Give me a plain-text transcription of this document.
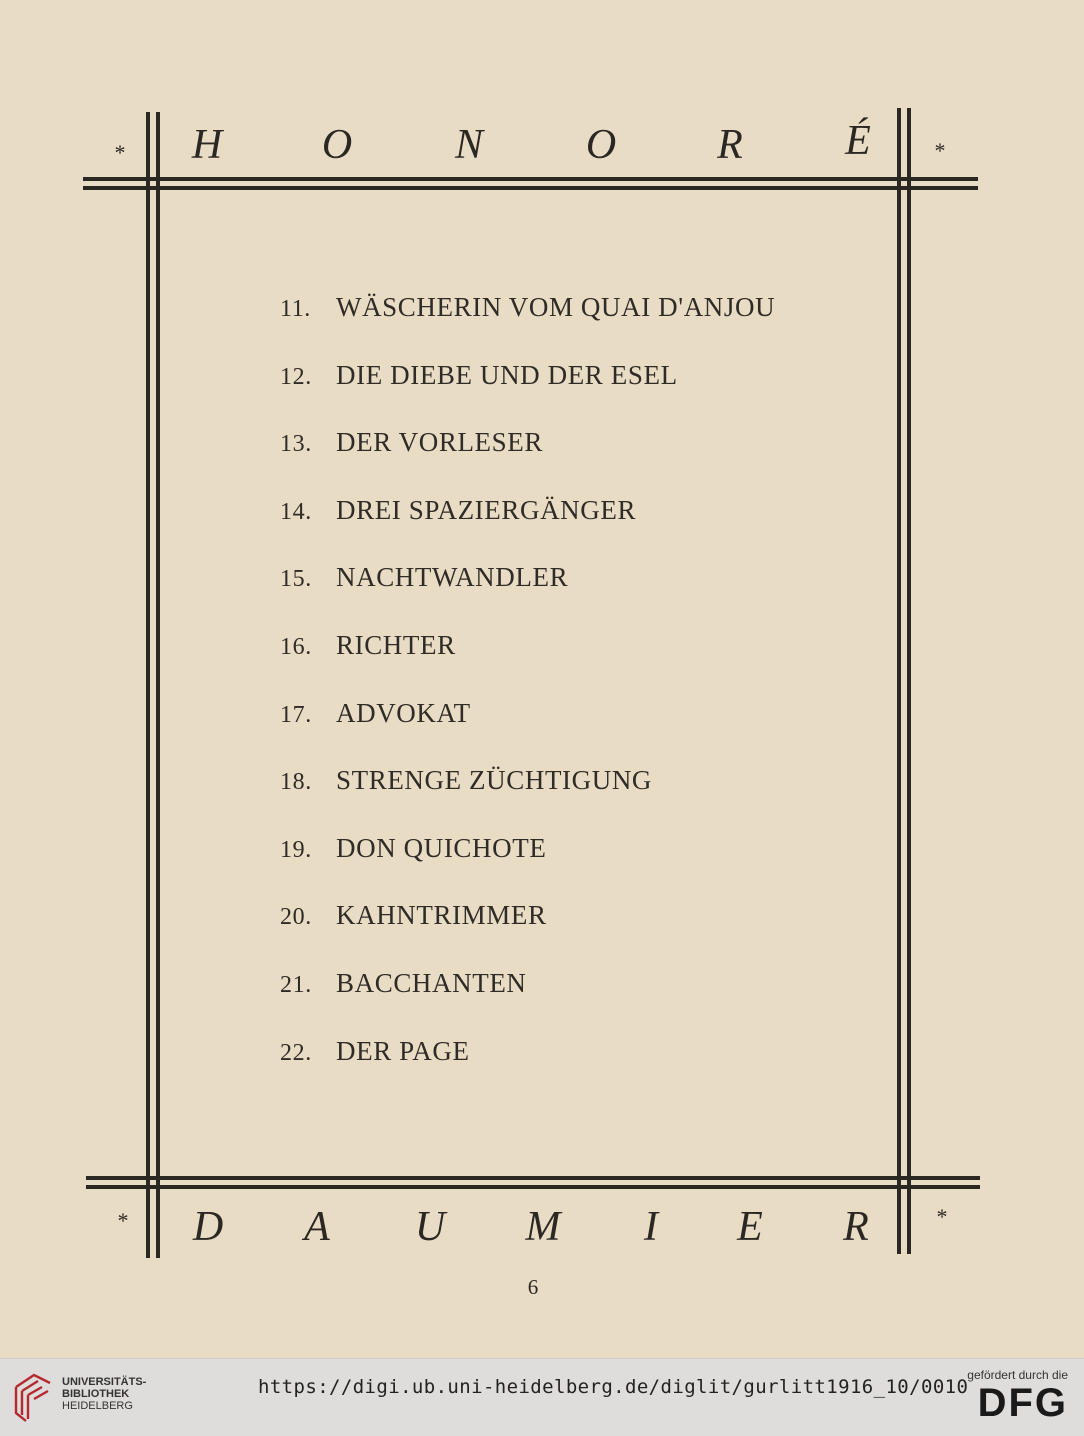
* H O N O R É	*
11. WÄSCHERIN VOM QUAI D'ANJOU
12. DIE DIEBE UND DER ESEL
13. DER VORLESER
14. DREI SPAZIERGÄNGER
15. NACHTWANDLER
16. RICHTER
17. ADVOKAT
18. STRENGE ZÜCHTIGUNG
19. DON QUICHOTE
20. KAHNTRIMMER
21. BACCHANTEN
22. DER PAGE
* D A U M I E R	*
6
UNIVERSITÄTS-
BIBLIOTHEK
HEIDELBERG
https://digi.ub.uni-heidelberg.de/diglit/gurlitt1916_10/0010
gefördert durch die
DFG
